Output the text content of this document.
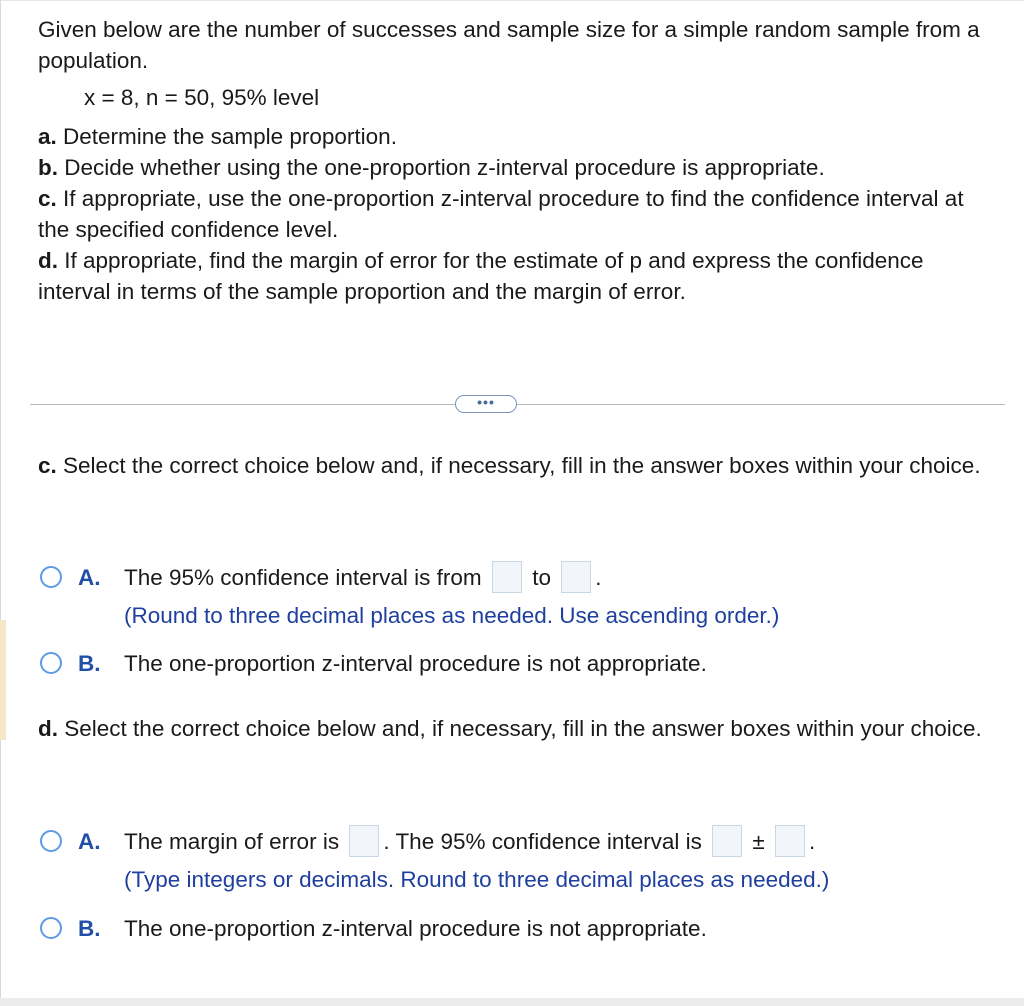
Given below are the number of successes and sample size for a simple random sample from a population.

x = 8, n = 50, 95% level

a. Determine the sample proportion.

b. Decide whether using the one-proportion z-interval procedure is appropriate.

c. If appropriate, use the one-proportion z-interval procedure to find the confidence interval at the specified confidence level.

d. If appropriate, find the margin of error for the estimate of p and express the confidence interval in terms of the sample proportion and the margin of error.

•••
c. Select the correct choice below and, if necessary, fill in the answer boxes within your choice.
A. The 95% confidence interval is from to .
(Round to three decimal places as needed. Use ascending order.)
B. The one-proportion z-interval procedure is not appropriate.
d. Select the correct choice below and, if necessary, fill in the answer boxes within your choice.
A. The margin of error is . The 95% confidence interval is ± .
(Type integers or decimals. Round to three decimal places as needed.)
B. The one-proportion z-interval procedure is not appropriate.
